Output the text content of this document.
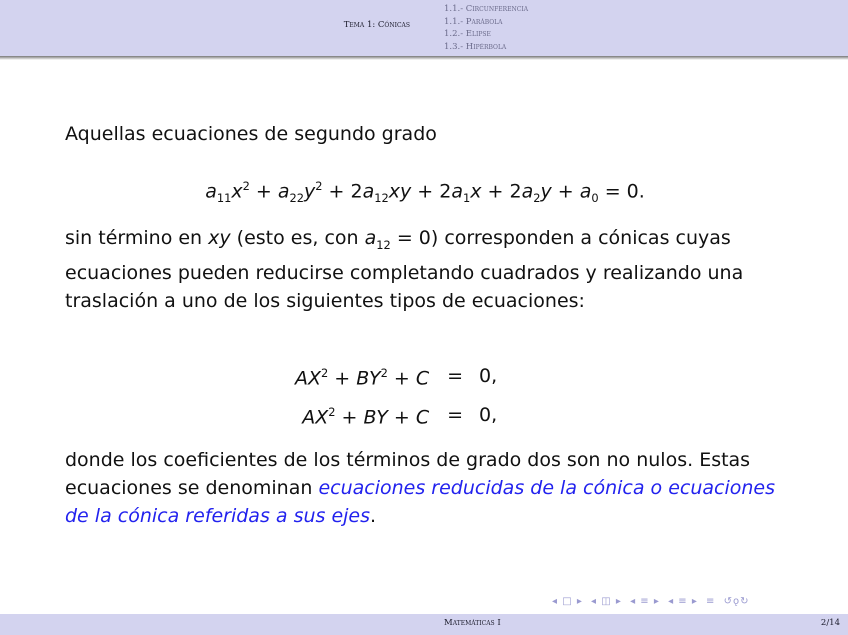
Tema 1: Cónicas
1.1.- Circunferencia
1.1.- Parábola
1.2.- Elipse
1.3.- Hipérbola

Aquellas ecuaciones de segundo grado

$a_{11}x^2 + a_{22}y^2 + 2a_{12}xy + 2a_1x + 2a_2y + a_0 = 0$.

sin término en xy (esto es, con $a_{12} = 0$) corresponden a cónicas cuyas ecuaciones pueden reducirse completando cuadrados y realizando una traslación a uno de los siguientes tipos de ecuaciones:

$AX^2 + BY^2 + C$	=	0,
$AX^2$ + BY + C	=	0,

donde los coeficientes de los términos de grado dos son no nulos. Estas ecuaciones se denominan ecuaciones reducidas de la cónica o ecuaciones de la cónica referidas a sus ejes.

◂ □ ▸ ◂ ◫ ▸ ◂ ≡ ▸ ◂ ≡ ▸ ≡ ↺ǫ↻
Matemáticas I	2/14
